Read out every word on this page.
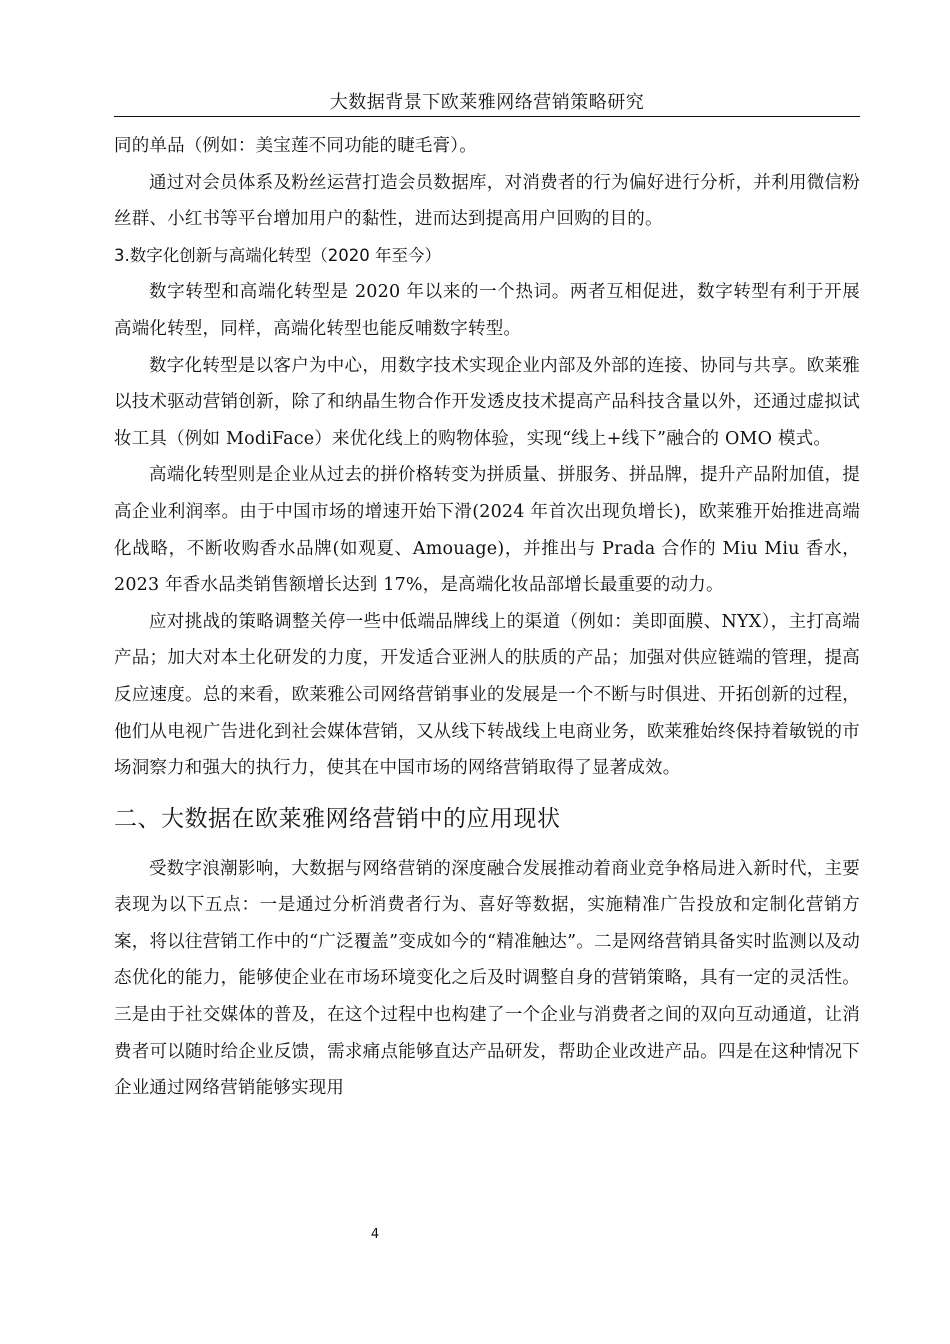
大数据背景下欧莱雅网络营销策略研究

同的单品（例如：美宝莲不同功能的睫毛膏）。

通过对会员体系及粉丝运营打造会员数据库，对消费者的行为偏好进行分析，并利用微信粉丝群、小红书等平台增加用户的黏性，进而达到提高用户回购的目的。

3.数字化创新与高端化转型（2020 年至今）

数字转型和高端化转型是 2020 年以来的一个热词。两者互相促进，数字转型有利于开展高端化转型，同样，高端化转型也能反哺数字转型。

数字化转型是以客户为中心，用数字技术实现企业内部及外部的连接、协同与共享。欧莱雅以技术驱动营销创新，除了和纳晶生物合作开发透皮技术提高产品科技含量以外，还通过虚拟试妆工具（例如 ModiFace）来优化线上的购物体验，实现“线上+线下”融合的 OMO 模式。

高端化转型则是企业从过去的拼价格转变为拼质量、拼服务、拼品牌，提升产品附加值，提高企业利润率。由于中国市场的增速开始下滑(2024 年首次出现负增长)，欧莱雅开始推进高端化战略，不断收购香水品牌(如观夏、Amouage)，并推出与 Prada 合作的 Miu Miu 香水，2023 年香水品类销售额增长达到 17%，是高端化妆品部增长最重要的动力。

应对挑战的策略调整关停一些中低端品牌线上的渠道（例如：美即面膜、NYX），主打高端产品；加大对本土化研发的力度，开发适合亚洲人的肤质的产品；加强对供应链端的管理，提高反应速度。总的来看，欧莱雅公司网络营销事业的发展是一个不断与时俱进、开拓创新的过程，他们从电视广告进化到社会媒体营销，又从线下转战线上电商业务，欧莱雅始终保持着敏锐的市场洞察力和强大的执行力，使其在中国市场的网络营销取得了显著成效。

二、大数据在欧莱雅网络营销中的应用现状

受数字浪潮影响，大数据与网络营销的深度融合发展推动着商业竞争格局进入新时代，主要表现为以下五点：一是通过分析消费者行为、喜好等数据，实施精准广告投放和定制化营销方案，将以往营销工作中的“广泛覆盖”变成如今的“精准触达”。二是网络营销具备实时监测以及动态优化的能力，能够使企业在市场环境变化之后及时调整自身的营销策略，具有一定的灵活性。三是由于社交媒体的普及，在这个过程中也构建了一个企业与消费者之间的双向互动通道，让消费者可以随时给企业反馈，需求痛点能够直达产品研发，帮助企业改进产品。四是在这种情况下企业通过网络营销能够实现用

4
